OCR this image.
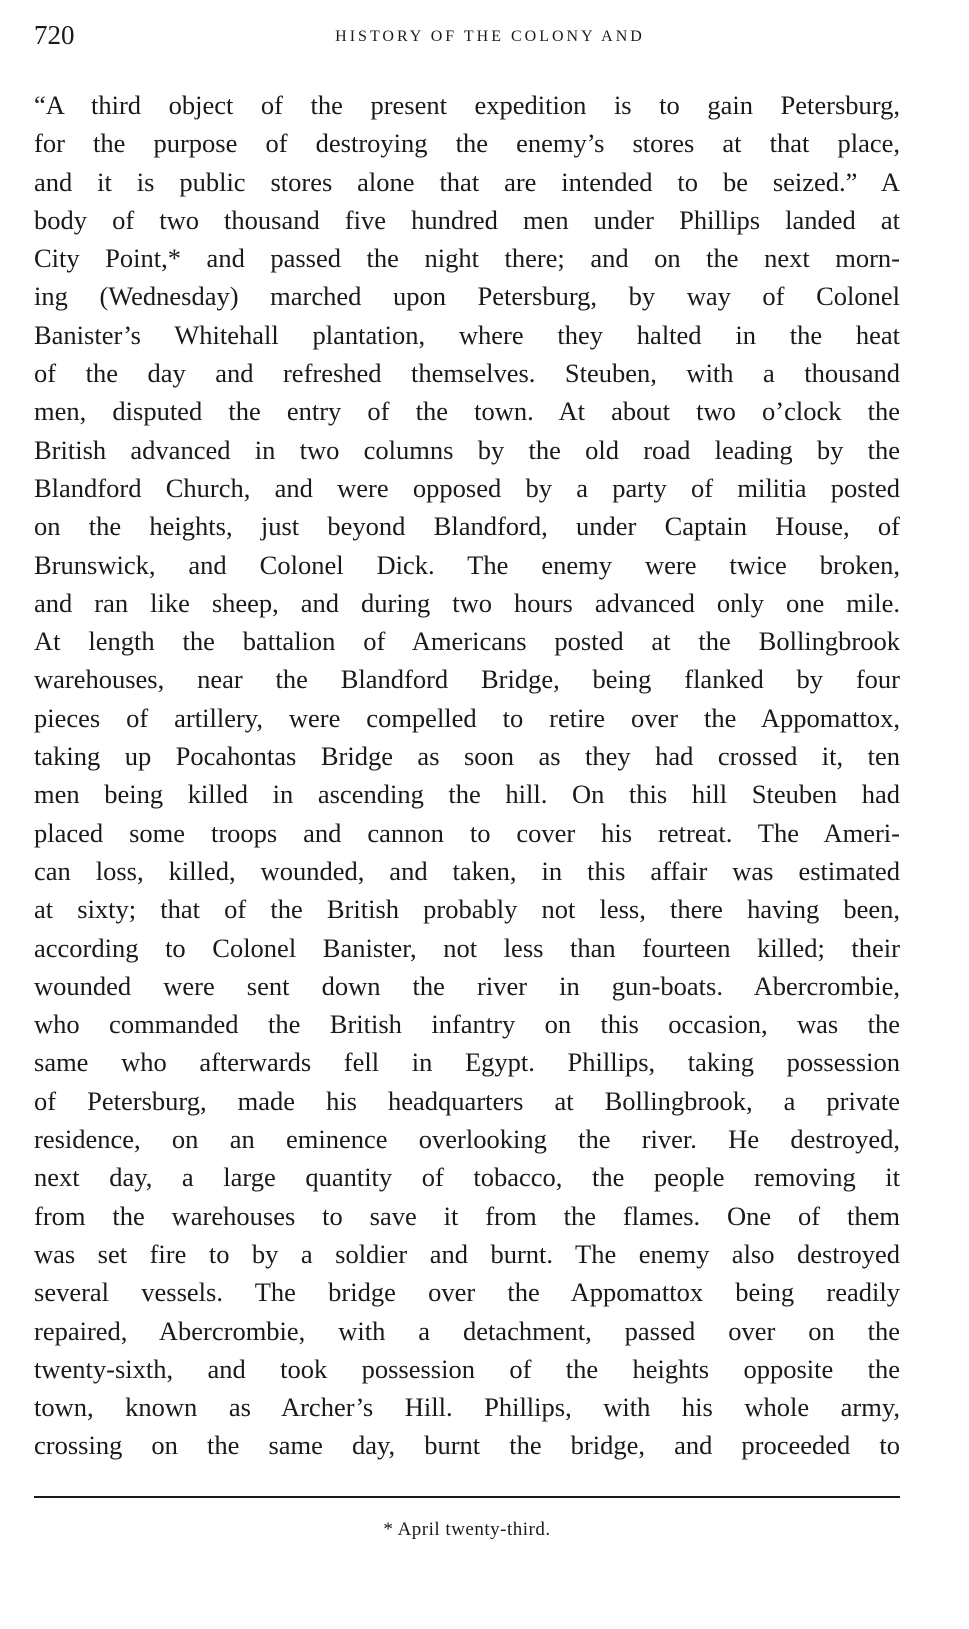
720	HISTORY OF THE COLONY AND
“A third object of the present expedition is to gain Petersburg,
for the purpose of destroying the enemy’s stores at that place,
and it is public stores alone that are intended to be seized.” A
body of two thousand five hundred men under Phillips landed at
City Point,* and passed the night there; and on the next morn-
ing (Wednesday) marched upon Petersburg, by way of Colonel
Banister’s Whitehall plantation, where they halted in the heat
of the day and refreshed themselves. Steuben, with a thousand
men, disputed the entry of the town. At about two o’clock the
British advanced in two columns by the old road leading by the
Blandford Church, and were opposed by a party of militia posted
on the heights, just beyond Blandford, under Captain House, of
Brunswick, and Colonel Dick. The enemy were twice broken,
and ran like sheep, and during two hours advanced only one mile.
At length the battalion of Americans posted at the Bollingbrook
warehouses, near the Blandford Bridge, being flanked by four
pieces of artillery, were compelled to retire over the Appomattox,
taking up Pocahontas Bridge as soon as they had crossed it, ten
men being killed in ascending the hill. On this hill Steuben had
placed some troops and cannon to cover his retreat. The Ameri-
can loss, killed, wounded, and taken, in this affair was estimated
at sixty; that of the British probably not less, there having been,
according to Colonel Banister, not less than fourteen killed; their
wounded were sent down the river in gun-boats. Abercrombie,
who commanded the British infantry on this occasion, was the
same who afterwards fell in Egypt. Phillips, taking possession
of Petersburg, made his headquarters at Bollingbrook, a private
residence, on an eminence overlooking the river. He destroyed,
next day, a large quantity of tobacco, the people removing it
from the warehouses to save it from the flames. One of them
was set fire to by a soldier and burnt. The enemy also destroyed
several vessels. The bridge over the Appomattox being readily
repaired, Abercrombie, with a detachment, passed over on the
twenty-sixth, and took possession of the heights opposite the
town, known as Archer’s Hill. Phillips, with his whole army,
crossing on the same day, burnt the bridge, and proceeded to
* April twenty-third.
